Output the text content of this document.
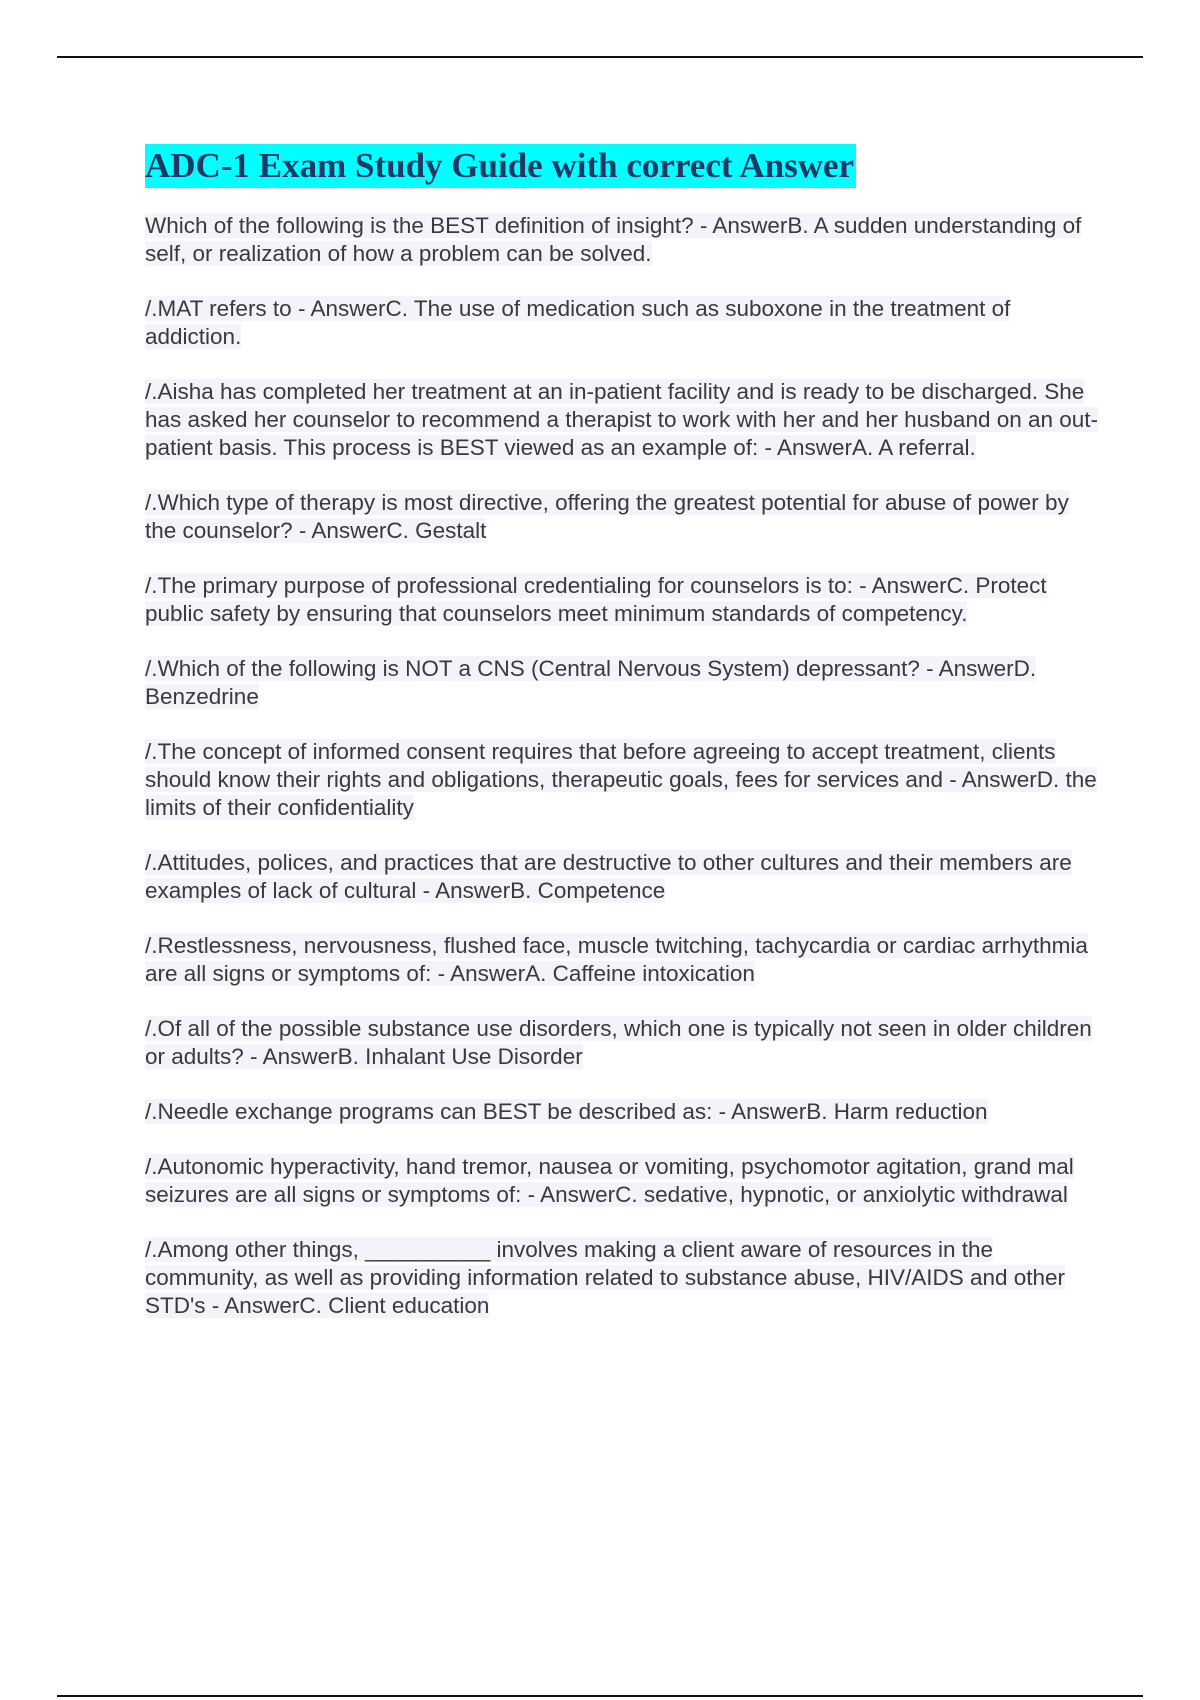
ADC-1 Exam Study Guide with correct Answer
Which of the following is the BEST definition of insight? - AnswerB. A sudden understanding of self, or realization of how a problem can be solved.
/.MAT refers to - AnswerC. The use of medication such as suboxone in the treatment of addiction.
/.Aisha has completed her treatment at an in-patient facility and is ready to be discharged. She has asked her counselor to recommend a therapist to work with her and her husband on an out-patient basis. This process is BEST viewed as an example of: - AnswerA. A referral.
/.Which type of therapy is most directive, offering the greatest potential for abuse of power by the counselor? - AnswerC. Gestalt
/.The primary purpose of professional credentialing for counselors is to: - AnswerC. Protect public safety by ensuring that counselors meet minimum standards of competency.
/.Which of the following is NOT a CNS (Central Nervous System) depressant? - AnswerD. Benzedrine
/.The concept of informed consent requires that before agreeing to accept treatment, clients should know their rights and obligations, therapeutic goals, fees for services and - AnswerD. the limits of their confidentiality
/.Attitudes, polices, and practices that are destructive to other cultures and their members are examples of lack of cultural - AnswerB. Competence
/.Restlessness, nervousness, flushed face, muscle twitching, tachycardia or cardiac arrhythmia are all signs or symptoms of: - AnswerA. Caffeine intoxication
/.Of all of the possible substance use disorders, which one is typically not seen in older children or adults? - AnswerB. Inhalant Use Disorder
/.Needle exchange programs can BEST be described as: - AnswerB. Harm reduction
/.Autonomic hyperactivity, hand tremor, nausea or vomiting, psychomotor agitation, grand mal seizures are all signs or symptoms of: - AnswerC. sedative, hypnotic, or anxiolytic withdrawal
/.Among other things, __________ involves making a client aware of resources in the community, as well as providing information related to substance abuse, HIV/AIDS and other STD's - AnswerC. Client education
